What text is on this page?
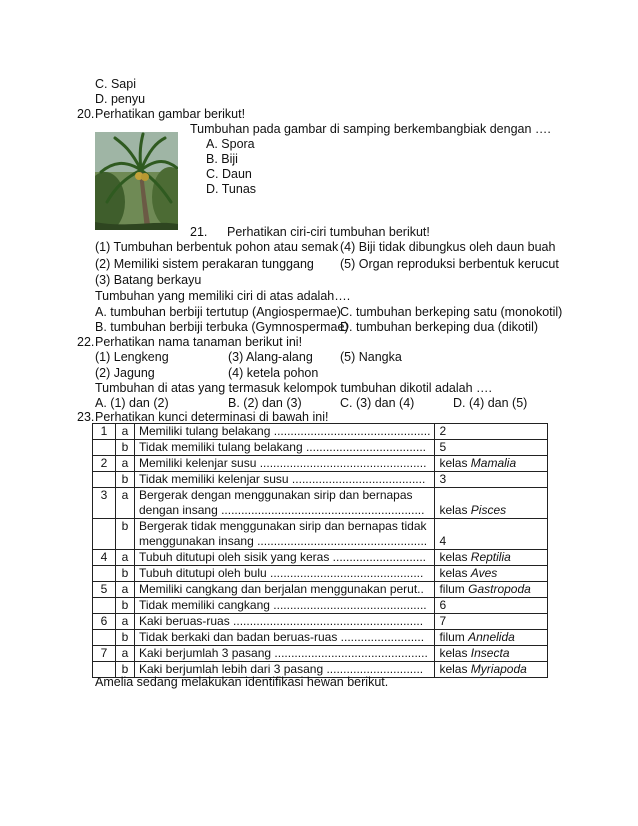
C. Sapi
D. penyu
20. Perhatikan gambar berikut!
Tumbuhan pada gambar di samping berkembangbiak dengan ….
A. Spora
B. Biji
C. Daun
D. Tunas
21. Perhatikan ciri-ciri tumbuhan berikut!
(1) Tumbuhan berbentuk pohon atau semak (4) Biji tidak dibungkus oleh daun buah
(2) Memiliki sistem perakaran tunggang (5) Organ reproduksi berbentuk kerucut
(3) Batang berkayu
Tumbuhan yang memiliki ciri di atas adalah….
A. tumbuhan berbiji tertutup (Angiospermae) C. tumbuhan berkeping satu (monokotil)
B. tumbuhan berbiji terbuka (Gymnospermae)
D. tumbuhan berkeping dua (dikotil)
22. Perhatikan nama tanaman berikut ini!
(1) Lengkeng	(3) Alang-alang (5) Nangka
(2) Jagung	(4) ketela pohon
Tumbuhan di atas yang termasuk kelompok tumbuhan dikotil adalah ….
A. (1) dan (2)	B. (2) dan (3)	C. (3) dan (4)	D. (4) dan (5)
23. Perhatikan kunci determinasi di bawah ini!
1	a	Memiliki tulang belakang ...............................................	2
	b	Tidak memiliki tulang belakang ....................................	5
2	a	Memiliki kelenjar susu ..................................................	kelas Mamalia
	b	Tidak memiliki kelenjar susu ........................................	3
3	a	Bergerak dengan menggunakan sirip dan bernapas
dengan insang .............................................................	kelas Pisces
	b	Bergerak tidak menggunakan sirip dan bernapas tidak
menggunakan insang ...................................................	4
4	a	Tubuh ditutupi oleh sisik yang keras ............................	kelas Reptilia
	b	Tubuh ditutupi oleh bulu ..............................................	kelas Aves
5	a	Memiliki cangkang dan berjalan menggunakan perut..	filum Gastropoda
	b	Tidak memiliki cangkang ..............................................	6
6	a	Kaki beruas-ruas .........................................................	7
	b	Tidak berkaki dan badan beruas-ruas .........................	filum Annelida
7	a	Kaki berjumlah 3 pasang ..............................................	kelas Insecta
	b	Kaki berjumlah lebih dari 3 pasang .............................	kelas Myriapoda
Amelia sedang melakukan identifikasi hewan berikut.
